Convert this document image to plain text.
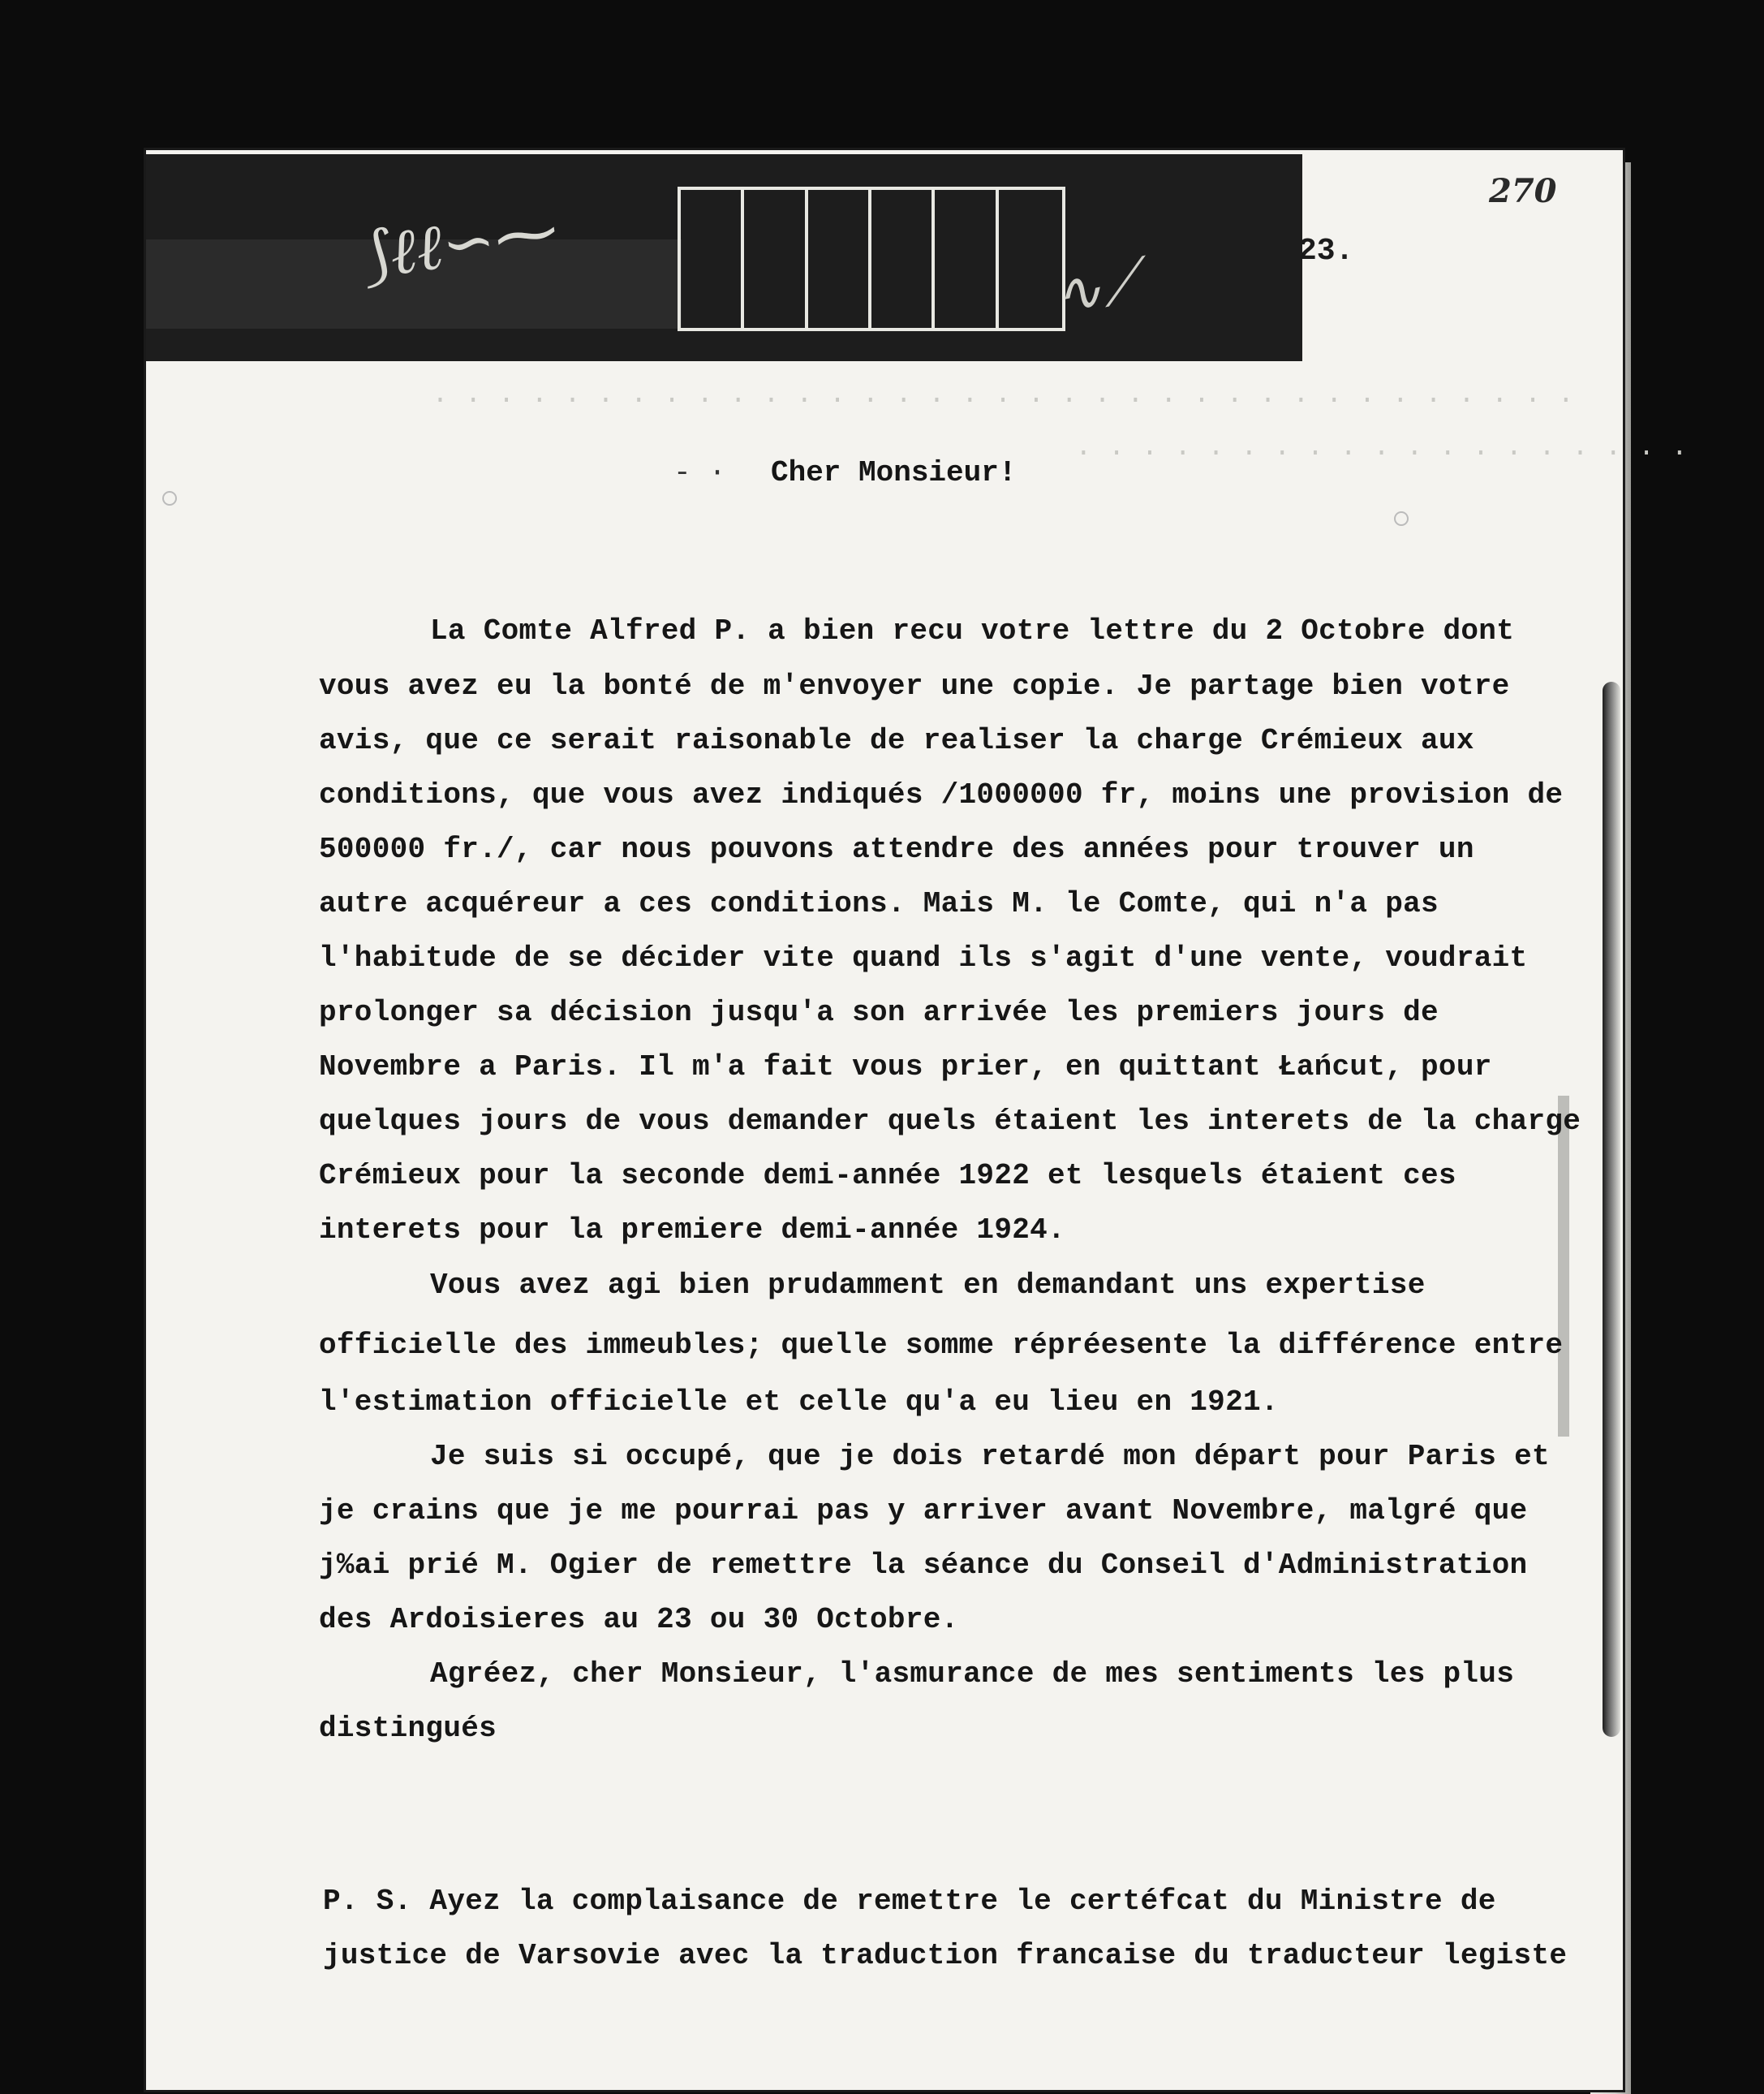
⟆ℓℓ∽⁓	∿⟋	23.
270
· · · · · · · · · · · · · · · · · · · · · · · · · · · · · · · · · · ·
· · · · · · · · · · · · · · · · · · ·
- · Cher Monsieur!
La Comte Alfred P. a bien recu votre lettre du 2 Octobre dont
vous avez eu la bonté de m'envoyer une copie. Je partage bien votre
avis, que ce serait raisonable de realiser la charge Crémieux aux
conditions, que vous avez indiqués /1000000 fr, moins une provision de
500000 fr./, car nous pouvons attendre des années pour trouver un
autre acquéreur a ces conditions. Mais M. le Comte, qui n'a pas
l'habitude de se décider vite quand ils s'agit d'une vente, voudrait
prolonger sa décision jusqu'a son arrivée les premiers jours de
Novembre a Paris. Il m'a fait vous prier, en quittant Łańcut, pour
quelques jours de vous demander quels étaient les interets de la charge
Crémieux pour la seconde demi-année 1922 et lesquels étaient ces
interets pour la premiere demi-année 1924.
Vous avez agi bien prudamment en demandant uns expertise
officielle des immeubles; quelle somme répréesente la différence entre
l'estimation officielle et celle qu'a eu lieu en 1921.
Je suis si occupé, que je dois retardé mon départ pour Paris et
je crains que je me pourrai pas y arriver avant Novembre, malgré que
j%ai prié M. Ogier de remettre la séance du Conseil d'Administration
des Ardoisieres au 23 ou 30 Octobre.
Agréez, cher Monsieur, l'asmurance de mes sentiments les plus
distingués
P. S. Ayez la complaisance de remettre le certéfcat du Ministre de
justice de Varsovie avec la traduction francaise du traducteur legiste
